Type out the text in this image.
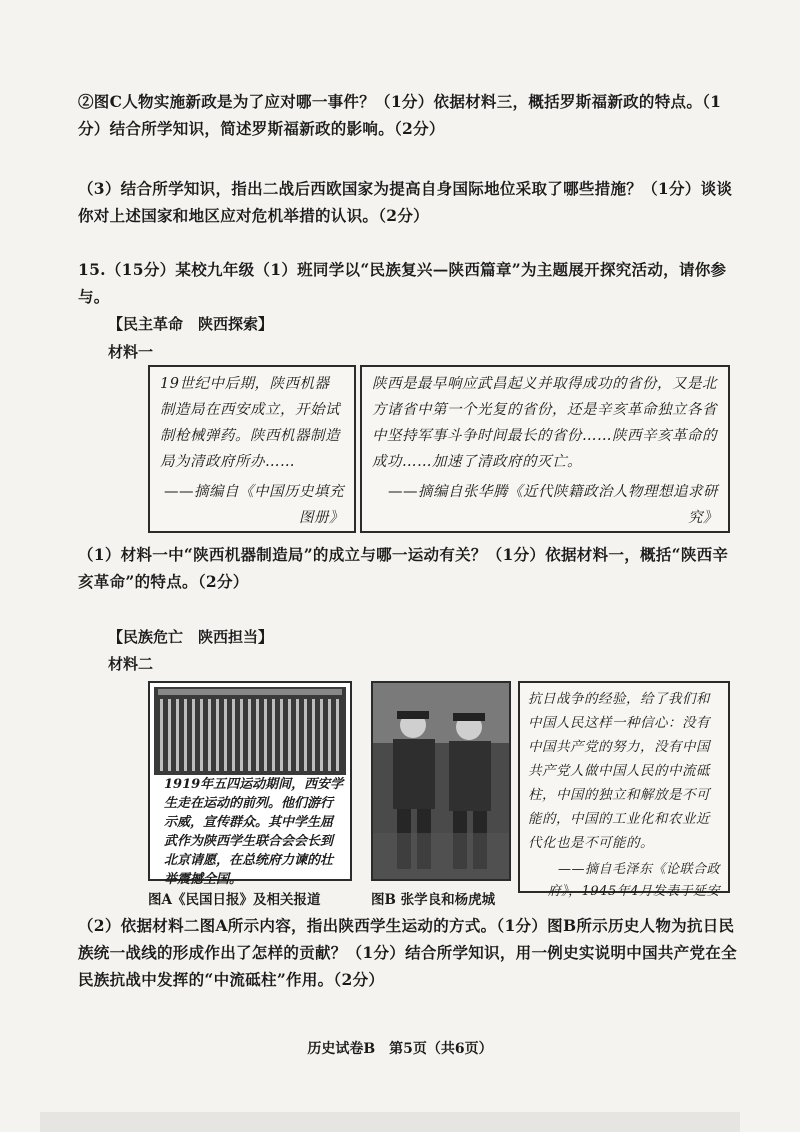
②图C人物实施新政是为了应对哪一事件？（1分）依据材料三，概括罗斯福新政的特点。（1分）结合所学知识，简述罗斯福新政的影响。（2分）
（3）结合所学知识，指出二战后西欧国家为提高自身国际地位采取了哪些措施？（1分）谈谈你对上述国家和地区应对危机举措的认识。（2分）
15.（15分）某校九年级（1）班同学以“民族复兴—陕西篇章”为主题展开探究活动，请你参与。
【民主革命　陕西探索】
材料一
19世纪中后期，陕西机器制造局在西安成立，开始试制枪械弹药。陕西机器制造局为清政府所办……
——摘编自《中国历史填充图册》
陕西是最早响应武昌起义并取得成功的省份，又是北方诸省中第一个光复的省份，还是辛亥革命独立各省中坚持军事斗争时间最长的省份……陕西辛亥革命的成功……加速了清政府的灭亡。
——摘编自张华腾《近代陕籍政治人物理想追求研究》
（1）材料一中“陕西机器制造局”的成立与哪一运动有关？（1分）依据材料一，概括“陕西辛亥革命”的特点。（2分）
【民族危亡　陕西担当】
材料二
1919年五四运动期间，西安学生走在运动的前列。他们游行示威，宣传群众。其中学生屈武作为陕西学生联合会会长到北京请愿，在总统府力谏的壮举震撼全国。
抗日战争的经验，给了我们和中国人民这样一种信心：没有中国共产党的努力，没有中国共产党人做中国人民的中流砥柱，中国的独立和解放是不可能的，中国的工业化和农业近代化也是不可能的。
——摘自毛泽东《论联合政府》，1945年4月发表于延安
图A《民国日报》及相关报道	图B 张学良和杨虎城
（2）依据材料二图A所示内容，指出陕西学生运动的方式。（1分）图B所示历史人物为抗日民族统一战线的形成作出了怎样的贡献？（1分）结合所学知识，用一例史实说明中国共产党在全民族抗战中发挥的“中流砥柱”作用。（2分）
历史试卷B　第5页（共6页）
